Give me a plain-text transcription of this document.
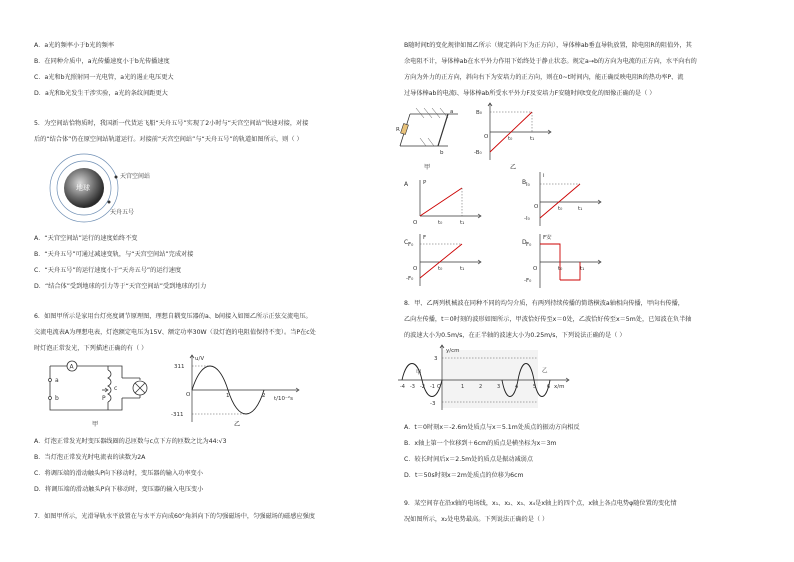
A．a光的频率小于b光的频率
B．在同种介质中，a光传播速度小于b光传播速度
C．a光和b光照射同一光电管，a光的遏止电压更大
D．a光和b光发生干涉实验，a光的条纹间距更大
5．为空间站恰物质时，我国新一代货运飞船“天舟五号”实现了2小时与“天宫空间站”快速对接，对接
后的“结合体”仍在原空间站轨道运行。对接前“天宫空间站”与“天舟五号”的轨道如图所示，则（ ）
地球
天宫空间站
天舟五号
A．“天宫空间站”运行的速度始终不变
B．“天舟五号”可通过减速变轨，与“天宫空间站”完成对接
C．“天舟五号”的运行速度小于“天舟五号”的运行速度
D．“结合体”受到地球的引力等于“天宫空间站”受到地球的引力
6．如图甲所示是家用台灯亮度调节原理图，理想自耦变压器的a、b间接入如图乙所示正弦交流电压。
交流电流表A为理想电表，灯泡额定电压为15V、额定功率30W（设灯泡的电阻值保持不变）。当P在c处
时灯泡正常发光，下列描述正确的有（ ）
A
a
b
c
P
甲
u/V
311
-311
O	1	2 t/10⁻²s
乙
A．灯泡正常发光时变压器线圈的总匝数与c点下方的匝数之比为44:√3
B．当灯泡正常发光时电流表的读数为2A
C．将调压端的滑动触头P向下移动时，变压器的输入功率变小
D．将调压端的滑动触头P向下移动时，变压器的输入电压变小
7．如图甲所示，光滑导轨水平放置在与水平方向成60°角斜向下的匀强磁场中，匀强磁场的磁感应强度
B随时间t的变化规律如图乙所示（规定斜向下为正方向），导体棒ab垂直导轨放置，除电阻R的阻值外，其
余电阻不计，导体棒ab在水平外力作用下始终处于静止状态。规定a→b的方向为电流的正方向，水平向右的
方向为外力的正方向，斜向右下为安培力的正方向，则在0~t时间内，能正确反映电阻R的热功率P、流
过导体棒ab的电流i、导体棒ab所受水平外力F及安培力F安随时间t变化的图像正确的是（ ）
R
a
b
甲
B₀
-B₀
t₀	t₁
O
乙
A	P
t₀	t₁
O
B
i
I₀
-I₀
t₀	t₁
O
C
F
F₀
-F₀
t₀	t₁
O
D
F安
F₀
-F₀
t₀	t₁
O
8．甲、乙两列机械波在同种不同的均匀介质，有两列持续传播的简谐横波a轴相向传播，甲向右传播，
乙向左传播，t＝0时刻的波形如图所示，甲波恰好传至x＝0处，乙波恰好传至x＝5m处，已知波在负半轴
的波速大小为0.5m/s，在正半轴的波速大小为0.25m/s，下列说法正确的是（ ）
y/cm
3
-3
x/m
甲	乙
-4 -3 -2 -1 O	1	2	3	4	5 6
A．t＝0时刻x＝-2.6m处质点与x＝5.1m处质点的振动方向相反
B．x轴上第一个位移到＋6cm的质点是横坐标为x＝3m
C．较长时间后x＝2.5m处的质点是振动减弱点
D．t＝50s时刻x＝2m处质点的位移为6cm
9．某空间存在沿x轴的电场线，x₁、x₂、x₃、x₄是x轴上的四个点，x轴上各点电势φ随位置的变化情
况如图所示，x₂处电势最高。下列说法正确的是（ ）
